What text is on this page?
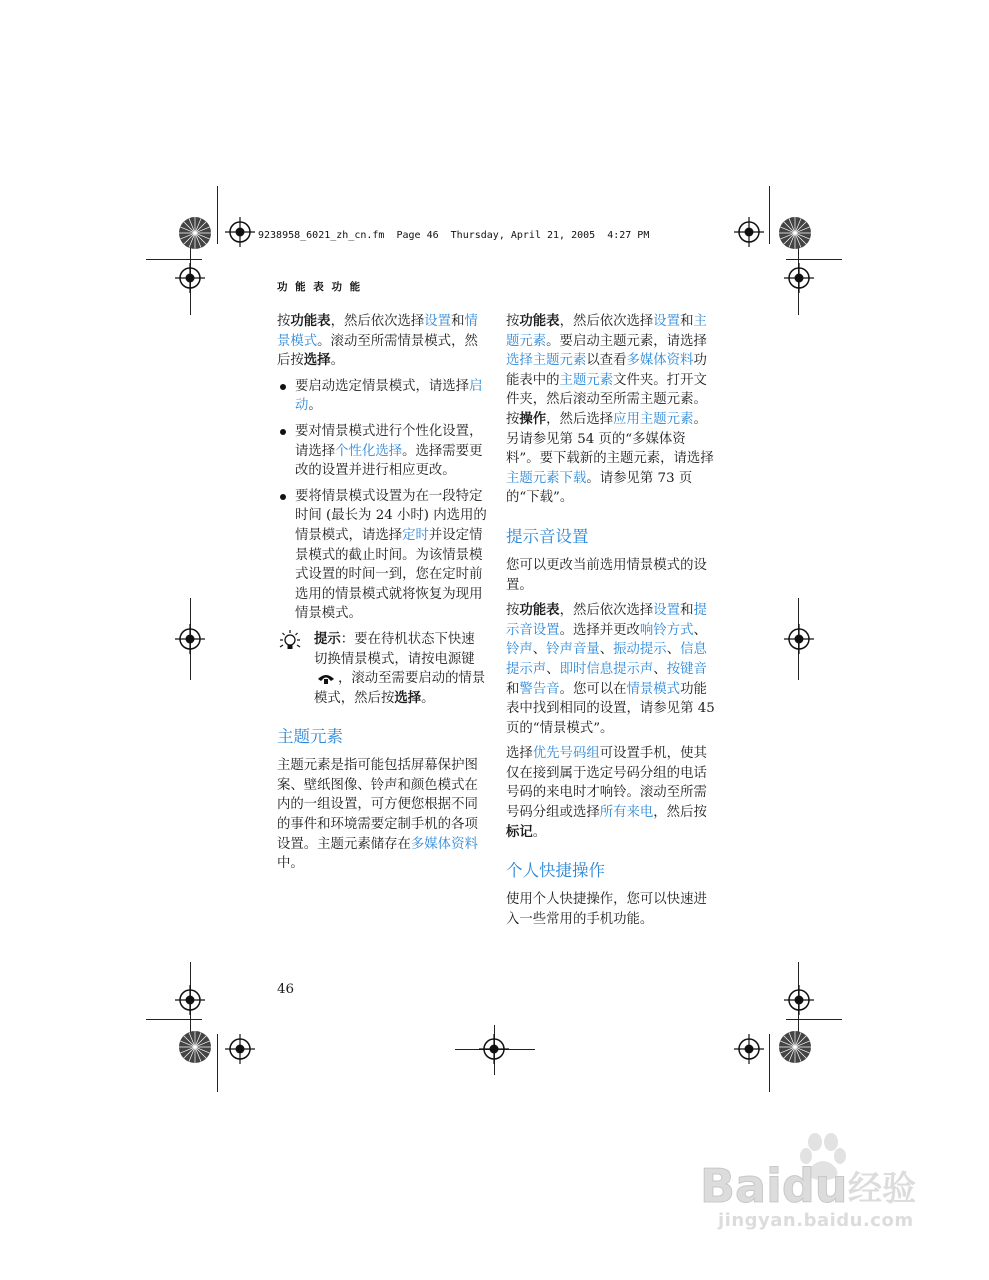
9238958_6021_zh_cn.fm  Page 46  Thursday, April 21, 2005  4:27 PM
功 能 表 功 能

按功能表，然后依次选择设置和情景模式。滚动至所需情景模式，然后按选择。

要启动选定情景模式，请选择启动。
要对情景模式进行个性化设置，请选择个性化选择。选择需要更改的设置并进行相应更改。
要将情景模式设置为在一段特定时间 (最长为 24 小时) 内选用的情景模式，请选择定时并设定情景模式的截止时间。为该情景模式设置的时间一到，您在定时前选用的情景模式就将恢复为现用情景模式。
提示：要在待机状态下快速切换情景模式，请按电源键，滚动至需要启动的情景模式，然后按选择。
主题元素

主题元素是指可能包括屏幕保护图案、壁纸图像、铃声和颜色模式在内的一组设置，可方便您根据不同的事件和环境需要定制手机的各项设置。主题元素储存在多媒体资料中。

按功能表，然后依次选择设置和主题元素。要启动主题元素，请选择选择主题元素以查看多媒体资料功能表中的主题元素文件夹。打开文件夹，然后滚动至所需主题元素。按操作，然后选择应用主题元素。另请参见第 54 页的“多媒体资料”。要下载新的主题元素，请选择主题元素下载。请参见第 73 页的“下载”。

提示音设置

您可以更改当前选用情景模式的设置。

按功能表，然后依次选择设置和提示音设置。选择并更改响铃方式、铃声、铃声音量、振动提示、信息提示声、即时信息提示声、按键音和警告音。您可以在情景模式功能表中找到相同的设置，请参见第 45 页的“情景模式”。

选择优先号码组可设置手机，使其仅在接到属于选定号码分组的电话号码的来电时才响铃。滚动至所需号码分组或选择所有来电，然后按标记。

个人快捷操作

使用个人快捷操作，您可以快速进入一些常用的手机功能。

46
Baidu 经验
jingyan.baidu.com
